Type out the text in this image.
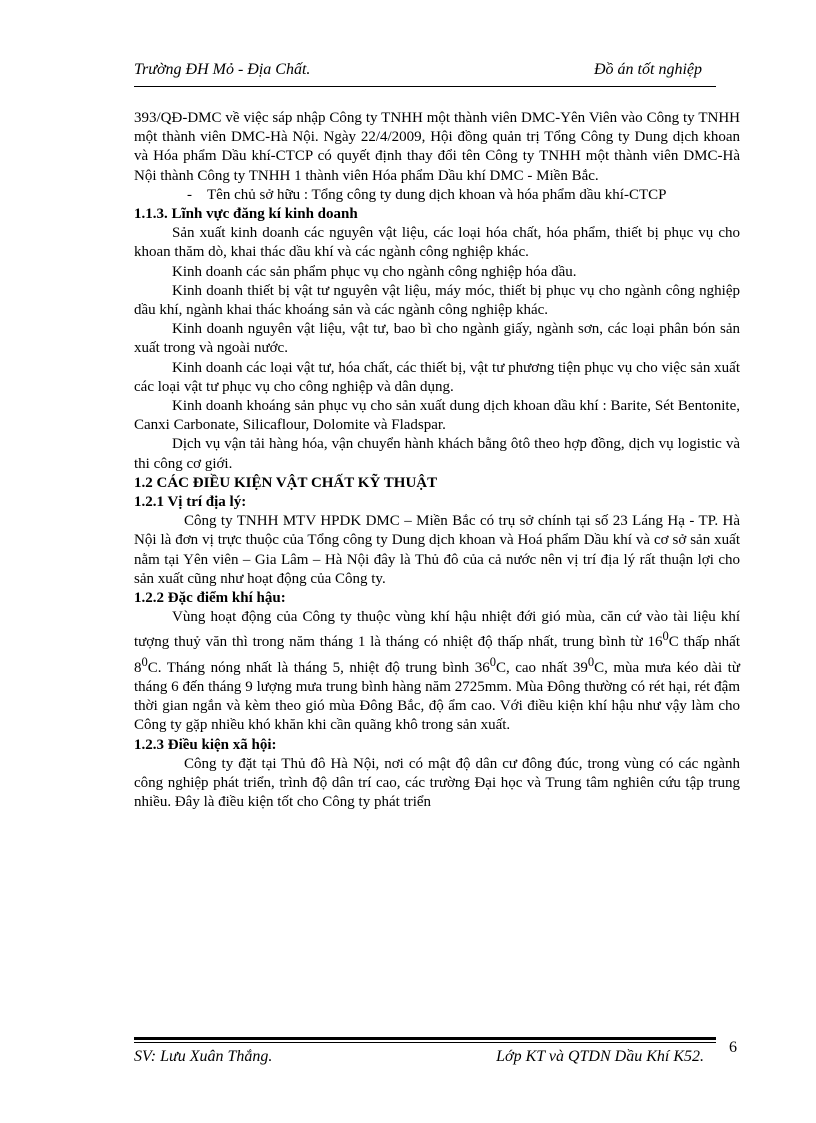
Trường ĐH Mỏ - Địa Chất.	Đồ án tốt nghiệp

393/QĐ-DMC về việc sáp nhập Công ty TNHH một thành viên DMC-Yên Viên vào Công ty TNHH một thành viên DMC-Hà Nội. Ngày 22/4/2009, Hội đồng quản trị Tổng Công ty Dung dịch khoan và Hóa phẩm Dầu khí-CTCP có quyết định thay đổi tên Công ty TNHH một thành viên DMC-Hà Nội thành Công ty TNHH 1 thành viên Hóa phẩm Dầu khí DMC - Miền Bắc.

- Tên chủ sở hữu : Tổng công ty dung dịch khoan và hóa phẩm dầu khí-CTCP

1.1.3. Lĩnh vực đăng kí kinh doanh

Sản xuất kinh doanh các nguyên vật liệu, các loại hóa chất, hóa phẩm, thiết bị phục vụ cho khoan thăm dò, khai thác dầu khí và các ngành công nghiệp khác.

Kinh doanh các sản phẩm phục vụ cho ngành công nghiệp hóa dầu.

Kinh doanh thiết bị vật tư nguyên vật liệu, máy móc, thiết bị phục vụ cho ngành công nghiệp dầu khí, ngành khai thác khoáng sản và các ngành công nghiệp khác.

Kinh doanh nguyên vật liệu, vật tư, bao bì cho ngành giấy, ngành sơn, các loại phân bón sản xuất trong và ngoài nước.

Kinh doanh các loại vật tư, hóa chất, các thiết bị, vật tư phương tiện phục vụ cho việc sản xuất các loại vật tư phục vụ cho công nghiệp và dân dụng.

Kinh doanh khoáng sản phục vụ cho sản xuất dung dịch khoan dầu khí : Barite, Sét Bentonite, Canxi Carbonate, Silicaflour, Dolomite và Fladspar.

Dịch vụ vận tải hàng hóa, vận chuyển hành khách bằng ôtô theo hợp đồng, dịch vụ logistic và thi công cơ giới.

1.2 CÁC ĐIỀU KIỆN VẬT CHẤT KỸ THUẬT
1.2.1 Vị trí địa lý:

Công ty TNHH MTV HPDK DMC – Miền Bắc có trụ sở chính tại số 23 Láng Hạ - TP. Hà Nội là đơn vị trực thuộc của Tổng công ty Dung dịch khoan và Hoá phẩm Dầu khí và cơ sở sản xuất nằm tại Yên viên – Gia Lâm – Hà Nội đây là Thủ đô của cả nước nên vị trí địa lý rất thuận lợi cho sản xuất cũng như hoạt động của Công ty.

1.2.2 Đặc điểm khí hậu:

Vùng hoạt động của Công ty thuộc vùng khí hậu nhiệt đới gió mùa, căn cứ vào tài liệu khí tượng thuỷ văn thì trong năm tháng 1 là tháng có nhiệt độ thấp nhất, trung bình từ $16^0C$ thấp nhất $8^0C$. Tháng nóng nhất là tháng 5, nhiệt độ trung bình $36^0C$, cao nhất $39^0C$, mùa mưa kéo dài từ tháng 6 đến tháng 9 lượng mưa trung bình hàng năm 2725mm. Mùa Đông thường có rét hại, rét đậm thời gian ngắn và kèm theo gió mùa Đông Bắc, độ ẩm cao. Với điều kiện khí hậu như vậy làm cho Công ty gặp nhiều khó khăn khi cần quãng khô trong sản xuất.

1.2.3 Điều kiện xã hội:

Công ty đặt tại Thủ đô Hà Nội, nơi có mật độ dân cư đông đúc, trong vùng có các ngành công nghiệp phát triển, trình độ dân trí cao, các trường Đại học và Trung tâm nghiên cứu tập trung nhiều. Đây là điều kiện tốt cho Công ty phát triển

SV: Lưu Xuân Thắng.	Lớp KT và QTDN Dầu Khí K52.
6
